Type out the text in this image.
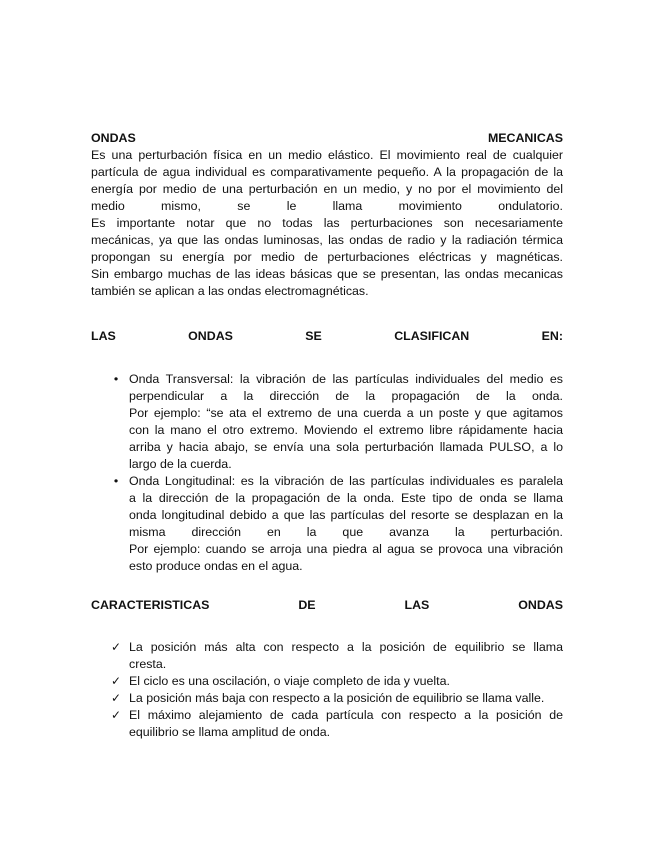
ONDAS	MECANICAS
Es una perturbación física en un medio elástico. El movimiento real de cualquier
partícula de agua individual es comparativamente pequeño. A la propagación de la
energía por medio de una perturbación en un medio, y no por el movimiento del
medio mismo, se le llama movimiento ondulatorio.
Es importante notar que no todas las perturbaciones son necesariamente
mecánicas, ya que las ondas luminosas, las ondas de radio y la radiación térmica
propongan su energía por medio de perturbaciones eléctricas y magnéticas.
Sin embargo muchas de las ideas básicas que se presentan, las ondas mecanicas
también se aplican a las ondas electromagnéticas.
LAS	ONDAS	SE	CLASIFICAN	EN:
• Onda Transversal: la vibración de las partículas individuales del medio es
perpendicular a la dirección de la propagación de la onda.
Por ejemplo: “se ata el extremo de una cuerda a un poste y que agitamos
con la mano el otro extremo. Moviendo el extremo libre rápidamente hacia
arriba y hacia abajo, se envía una sola perturbación llamada PULSO, a lo
largo de la cuerda.
• Onda Longitudinal: es la vibración de las partículas individuales es paralela
a la dirección de la propagación de la onda. Este tipo de onda se llama
onda longitudinal debido a que las partículas del resorte se desplazan en la
misma dirección en la que avanza la perturbación.
Por ejemplo: cuando se arroja una piedra al agua se provoca una vibración
esto produce ondas en el agua.
CARACTERISTICAS	DE	LAS	ONDAS
✓ La posición más alta con respecto a la posición de equilibrio se llama
cresta.
✓ El ciclo es una oscilación, o viaje completo de ida y vuelta.
✓ La posición más baja con respecto a la posición de equilibrio se llama valle.
✓ El máximo alejamiento de cada partícula con respecto a la posición de
equilibrio se llama amplitud de onda.
